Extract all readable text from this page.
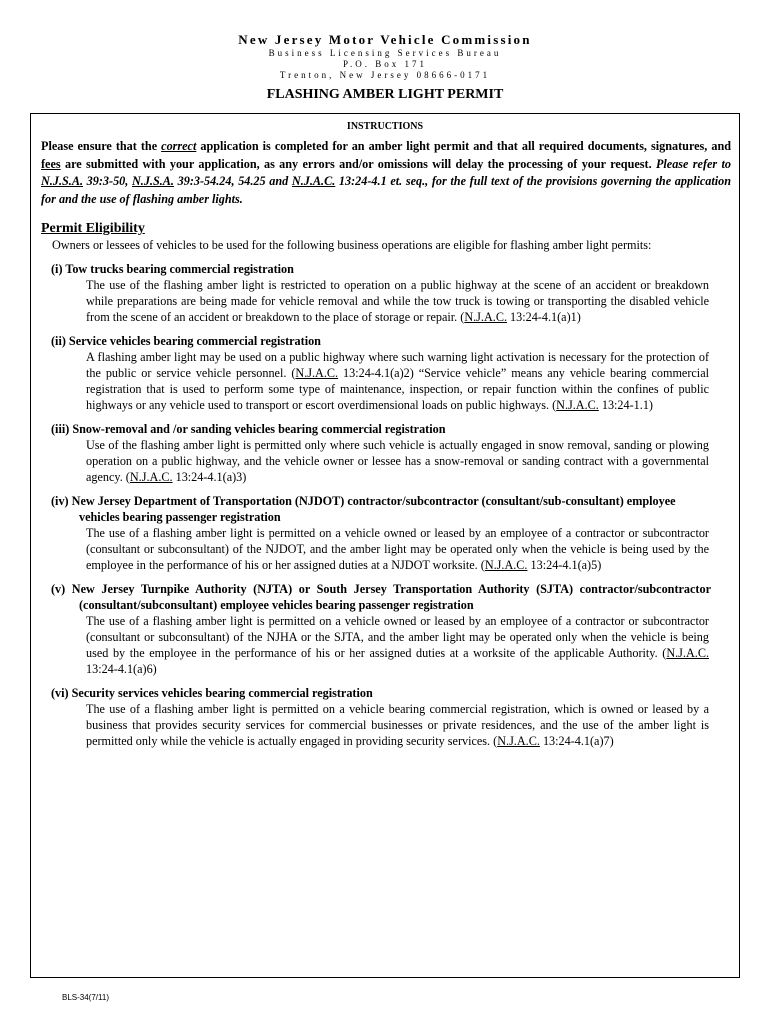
New Jersey Motor Vehicle Commission
Business Licensing Services Bureau
P.O. Box 171
Trenton, New Jersey 08666-0171
FLASHING AMBER LIGHT PERMIT
INSTRUCTIONS
Please ensure that the correct application is completed for an amber light permit and that all required documents, signatures, and fees are submitted with your application, as any errors and/or omissions will delay the processing of your request. Please refer to N.J.S.A. 39:3-50, N.J.S.A. 39:3-54.24, 54.25 and N.J.A.C. 13:24-4.1 et. seq., for the full text of the provisions governing the application for and the use of flashing amber lights.
Permit Eligibility
Owners or lessees of vehicles to be used for the following business operations are eligible for flashing amber light permits:
(i) Tow trucks bearing commercial registration
The use of the flashing amber light is restricted to operation on a public highway at the scene of an accident or breakdown while preparations are being made for vehicle removal and while the tow truck is towing or transporting the disabled vehicle from the scene of an accident or breakdown to the place of storage or repair. (N.J.A.C. 13:24-4.1(a)1)
(ii) Service vehicles bearing commercial registration
A flashing amber light may be used on a public highway where such warning light activation is necessary for the protection of the public or service vehicle personnel. (N.J.A.C. 13:24-4.1(a)2) “Service vehicle” means any vehicle bearing commercial registration that is used to perform some type of maintenance, inspection, or repair function within the confines of public highways or any vehicle used to transport or escort overdimensional loads on public highways. (N.J.A.C. 13:24-1.1)
(iii) Snow-removal and /or sanding vehicles bearing commercial registration
Use of the flashing amber light is permitted only where such vehicle is actually engaged in snow removal, sanding or plowing operation on a public highway, and the vehicle owner or lessee has a snow-removal or sanding contract with a governmental agency. (N.J.A.C. 13:24-4.1(a)3)
(iv) New Jersey Department of Transportation (NJDOT) contractor/subcontractor (consultant/sub-consultant) employee vehicles bearing passenger registration
The use of a flashing amber light is permitted on a vehicle owned or leased by an employee of a contractor or subcontractor (consultant or subconsultant) of the NJDOT, and the amber light may be operated only when the vehicle is being used by the employee in the performance of his or her assigned duties at a NJDOT worksite. (N.J.A.C. 13:24-4.1(a)5)
(v) New Jersey Turnpike Authority (NJTA) or South Jersey Transportation Authority (SJTA) contractor/subcontractor (consultant/subconsultant) employee vehicles bearing passenger registration
The use of a flashing amber light is permitted on a vehicle owned or leased by an employee of a contractor or subcontractor (consultant or subconsultant) of the NJHA or the SJTA, and the amber light may be operated only when the vehicle is being used by the employee in the performance of his or her assigned duties at a worksite of the applicable Authority. (N.J.A.C. 13:24-4.1(a)6)
(vi) Security services vehicles bearing commercial registration
The use of a flashing amber light is permitted on a vehicle bearing commercial registration, which is owned or leased by a business that provides security services for commercial businesses or private residences, and the use of the amber light is permitted only while the vehicle is actually engaged in providing security services. (N.J.A.C. 13:24-4.1(a)7)
BLS-34(7/11)
